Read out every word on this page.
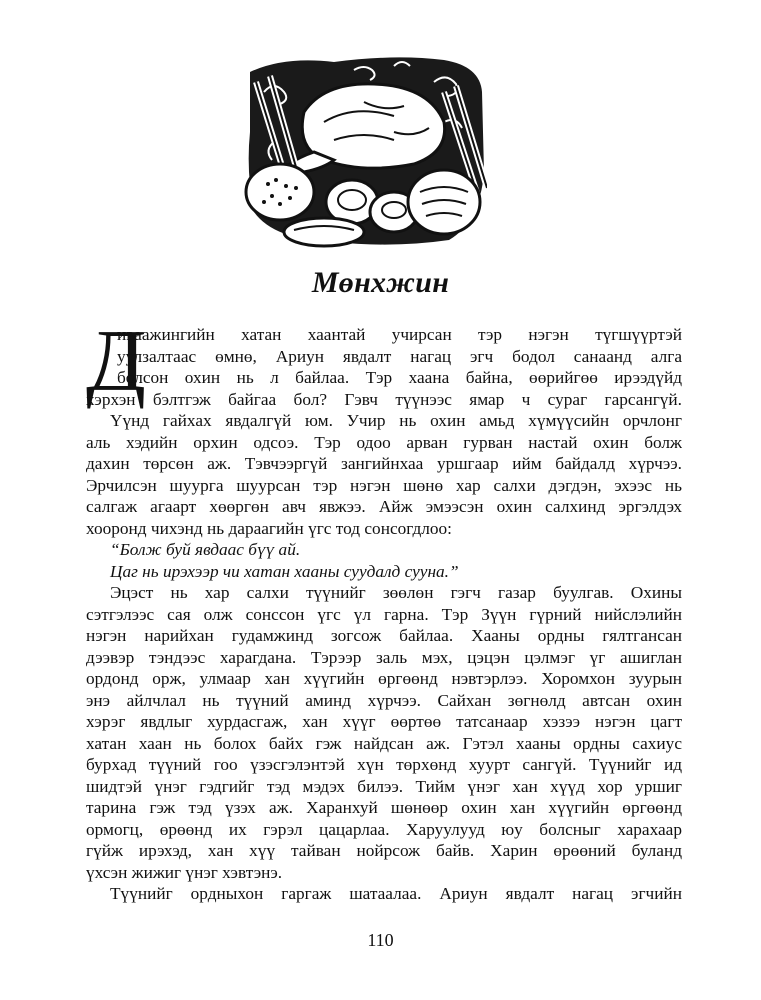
Мөнхжин
Д
иваажингийн хатан хаантай учирсан тэр нэгэн түгшүүртэй
уулзалтаас өмнө, Ариун явдалт нагац эгч бодол санаанд алга
болсон охин нь л байлаа. Тэр хаана байна, өөрийгөө ирээдүйд
хэрхэн бэлтгэж байгаа бол? Гэвч түүнээс ямар ч сураг гарсангүй.
Үүнд гайхах явдалгүй юм. Учир нь охин амьд хүмүүсийн орчлонг
аль хэдийн орхин одсоэ. Тэр одоо арван гурван настай охин болж
дахин төрсөн аж. Тэвчээргүй зангийнхаа уршгаар ийм байдалд хүрчээ.
Эрчилсэн шуурга шуурсан тэр нэгэн шөнө хар салхи дэгдэн, эхээс нь
салгаж агаарт хөөргөн авч явжээ. Айж эмээсэн охин салхинд эргэлдэх
хооронд чихэнд нь дараагийн үгс тод сонсогдлоо:
“Болж буй явдаас бүү ай.
Цаг нь ирэхээр чи хатан хааны суудалд сууна.”
Эцэст нь хар салхи түүнийг зөөлөн гэгч газар буулгав. Охины
сэтгэлээс сая олж сонссон үгс үл гарна. Тэр Зүүн гүрний нийслэлийн
нэгэн нарийхан гудамжинд зогсож байлаа. Хааны ордны гялтгансан
дээвэр тэндээс харагдана. Тэрээр заль мэх, цэцэн цэлмэг үг ашиглан
ордонд орж, улмаар хан хүүгийн өргөөнд нэвтэрлээ. Хоромхон зуурын
энэ айлчлал нь түүний аминд хүрчээ. Сайхан зөгнөлд автсан охин
хэрэг явдлыг хурдасгаж, хан хүүг өөртөө татсанаар хэзээ нэгэн цагт
хатан хаан нь болох байх гэж найдсан аж. Гэтэл хааны ордны сахиус
бурхад түүний гоо үзэсгэлэнтэй хүн төрхөнд хуурт сангүй. Түүнийг ид
шидтэй үнэг гэдгийг тэд мэдэх билээ. Тийм үнэг хан хүүд хор уршиг
тарина гэж тэд үзэх аж. Харанхуй шөнөөр охин хан хүүгийн өргөөнд
ормогц, өрөөнд их гэрэл цацарлаа. Харуулууд юу болсныг харахаар
гүйж ирэхэд, хан хүү тайван нойрсож байв. Харин өрөөний буланд
үхсэн жижиг үнэг хэвтэнэ.
Түүнийг ордныхон гаргаж шатаалаа. Ариун явдалт нагац эгчийн
110
